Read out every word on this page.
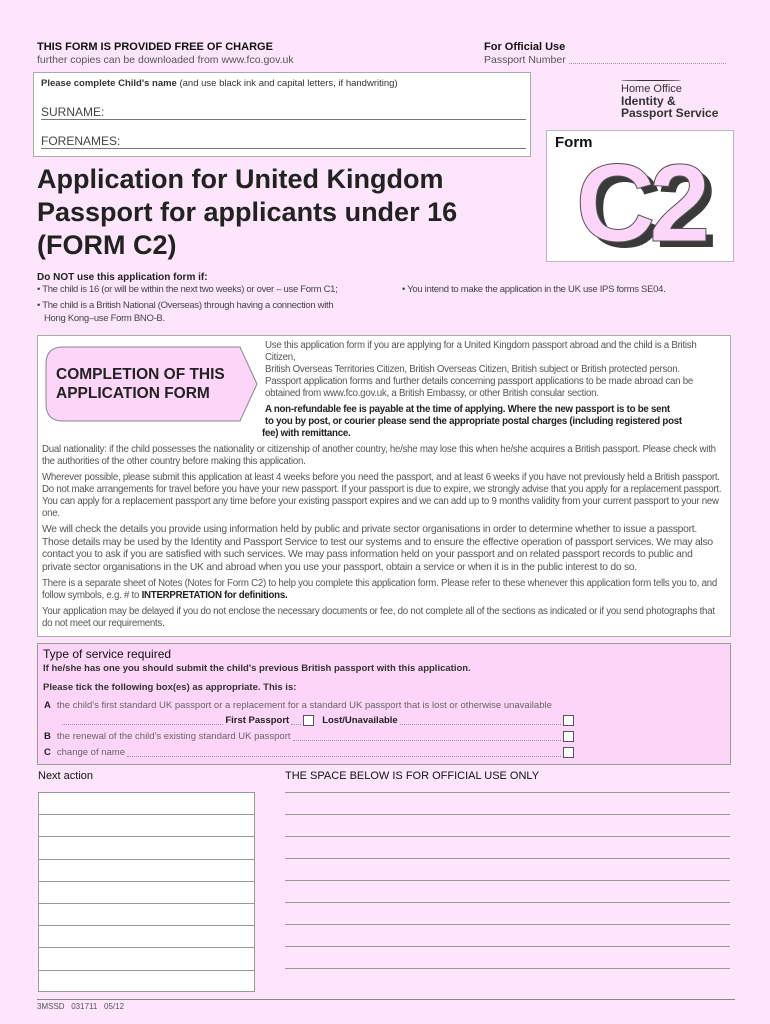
THIS FORM IS PROVIDED FREE OF CHARGE
further copies can be downloaded from www.fco.gov.uk
For Official Use
Passport Number
Please complete Child's name (and use black ink and capital letters, if handwriting)
SURNAME:
FORENAMES:
Application for United Kingdom
Passport for applicants under 16
(FORM C2)
Home Office
Identity &
Passport Service
Form
C2
Do NOT use this application form if:
• The child is 16 (or will be within the next two weeks) or over – use Form C1;	• You intend to make the application in the UK use IPS forms SE04.
• The child is a British National (Overseas) through having a connection with
Hong Kong–use Form BNO-B.
COMPLETION OF THIS
APPLICATION FORM
Use this application form if you are applying for a United Kingdom passport abroad and the child is a British Citizen,
British Overseas Territories Citizen, British Overseas Citizen, British subject or British protected person.
Passport application forms and further details concerning passport applications to be made abroad can be
obtained from www.fco.gov.uk, a British Embassy, or other British consular section.
A non-refundable fee is payable at the time of applying. Where the new passport is to be sent
to you by post, or courier please send the appropriate postal charges (including registered post
fee) with remittance.
Dual nationality: if the child possesses the nationality or citizenship of another country, he/she may lose this when he/she acquires a British passport. Please check with the authorities of the other country before making this application.
Wherever possible, please submit this application at least 4 weeks before you need the passport, and at least 6 weeks if you have not previously held a British passport. Do not make arrangements for travel before you have your new passport. If your passport is due to expire, we strongly advise that you apply for a replacement passport. You can apply for a replacement passport any time before your existing passport expires and we can add up to 9 months validity from your current passport to your new one.
We will check the details you provide using information held by public and private sector organisations in order to determine whether to issue a passport. Those details may be used by the Identity and Passport Service to test our systems and to ensure the effective operation of passport services. We may also contact you to ask if you are satisfied with such services. We may pass information held on your passport and on related passport records to public and private sector organisations in the UK and abroad when you use your passport, obtain a service or when it is in the public interest to do so.
There is a separate sheet of Notes (Notes for Form C2) to help you complete this application form. Please refer to these whenever this application form tells you to, and follow symbols, e.g. # to INTERPRETATION for definitions.
Your application may be delayed if you do not enclose the necessary documents or fee, do not complete all of the sections as indicated or if you send photographs that do not meet our requirements.
Type of service required
If he/she has one you should submit the child's previous British passport with this application.
Please tick the following box(es) as appropriate. This is:
A the child's first standard UK passport or a replacement for a standard UK passport that is lost or otherwise unavailable
First Passport	Lost/Unavailable
B the renewal of the child's existing standard UK passport
C change of name
Next action	THE SPACE BELOW IS FOR OFFICIAL USE ONLY
3MSSD   031711   05/12
